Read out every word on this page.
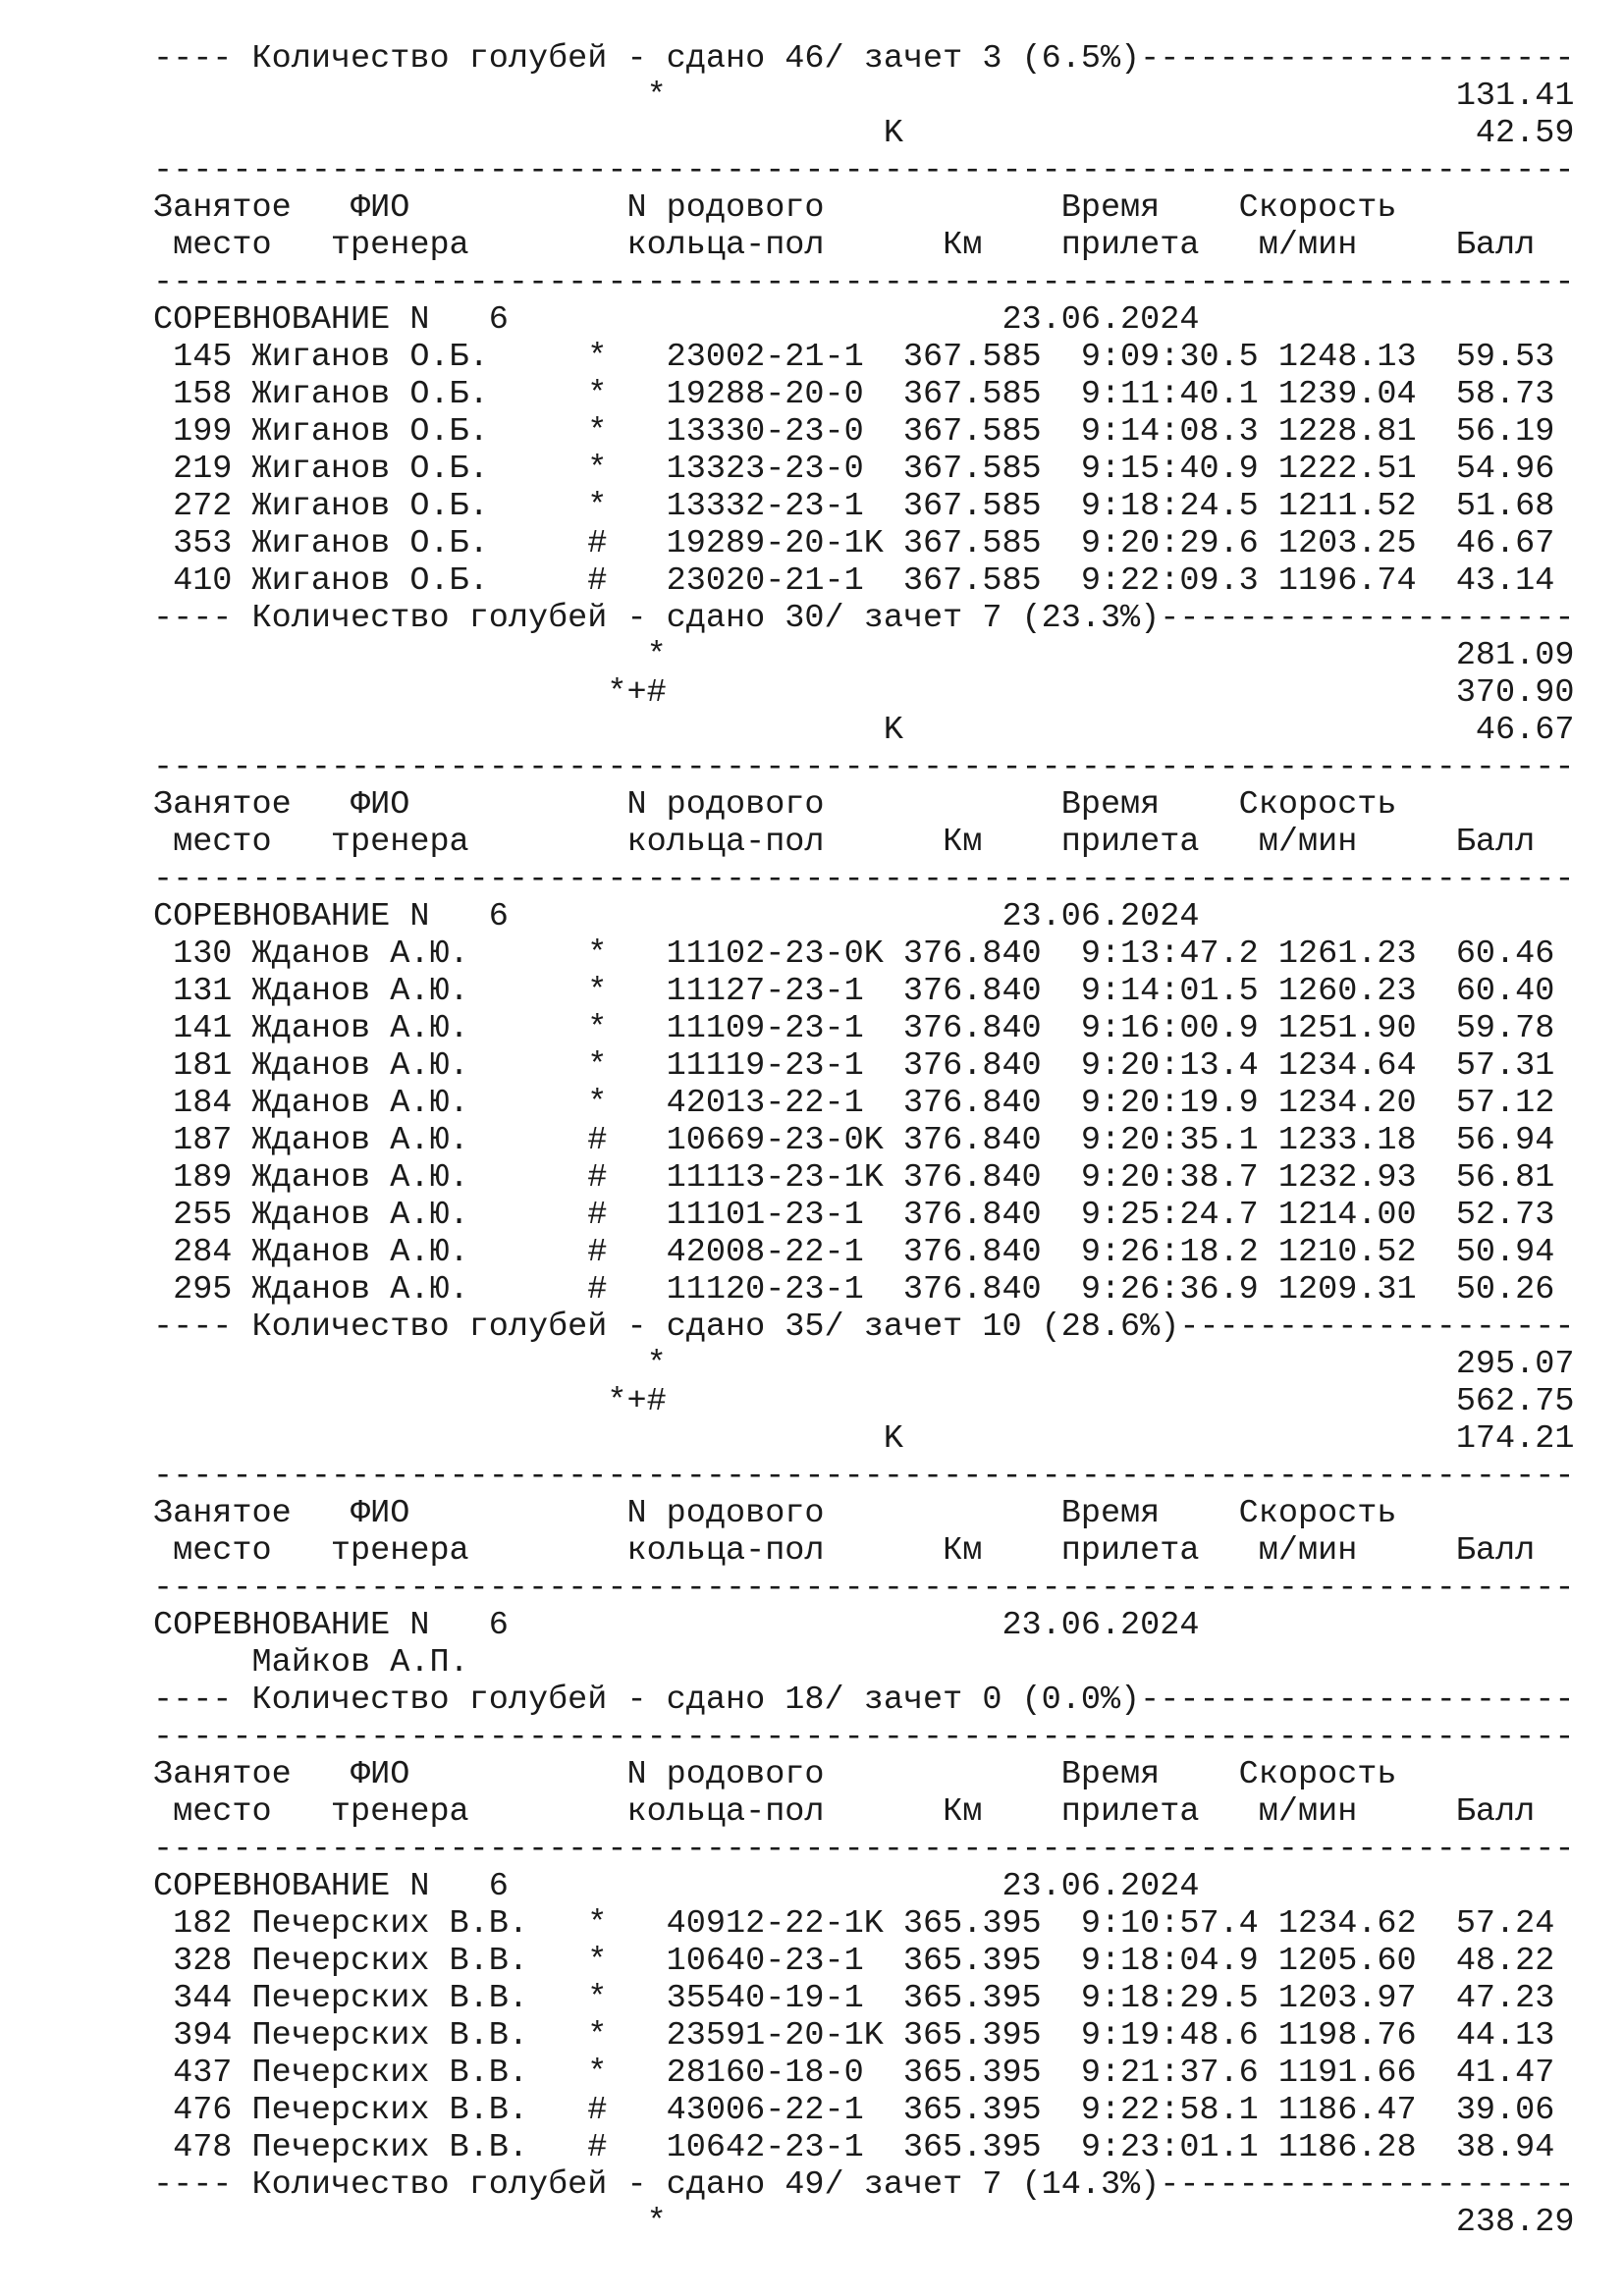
---- Количество голубей - сдано 46/ зачет 3 (6.5%)----------------------
*                                        131.41
K                             42.59
------------------------------------------------------------------------
Занятое   ФИО           N родового            Время    Скорость
место   тренера        кольца-пол      Км    прилета   м/мин     Балл
------------------------------------------------------------------------
СОРЕВНОВАНИЕ N   6                         23.06.2024
145 Жиганов О.Б.     *   23002-21-1  367.585  9:09:30.5 1248.13  59.53
158 Жиганов О.Б.     *   19288-20-0  367.585  9:11:40.1 1239.04  58.73
199 Жиганов О.Б.     *   13330-23-0  367.585  9:14:08.3 1228.81  56.19
219 Жиганов О.Б.     *   13323-23-0  367.585  9:15:40.9 1222.51  54.96
272 Жиганов О.Б.     *   13332-23-1  367.585  9:18:24.5 1211.52  51.68
353 Жиганов О.Б.     #   19289-20-1K 367.585  9:20:29.6 1203.25  46.67
410 Жиганов О.Б.     #   23020-21-1  367.585  9:22:09.3 1196.74  43.14
---- Количество голубей - сдано 30/ зачет 7 (23.3%)---------------------
*                                        281.09
*+#                                        370.90
K                             46.67
------------------------------------------------------------------------
Занятое   ФИО           N родового            Время    Скорость
место   тренера        кольца-пол      Км    прилета   м/мин     Балл
------------------------------------------------------------------------
СОРЕВНОВАНИЕ N   6                         23.06.2024
130 Жданов А.Ю.      *   11102-23-0K 376.840  9:13:47.2 1261.23  60.46
131 Жданов А.Ю.      *   11127-23-1  376.840  9:14:01.5 1260.23  60.40
141 Жданов А.Ю.      *   11109-23-1  376.840  9:16:00.9 1251.90  59.78
181 Жданов А.Ю.      *   11119-23-1  376.840  9:20:13.4 1234.64  57.31
184 Жданов А.Ю.      *   42013-22-1  376.840  9:20:19.9 1234.20  57.12
187 Жданов А.Ю.      #   10669-23-0K 376.840  9:20:35.1 1233.18  56.94
189 Жданов А.Ю.      #   11113-23-1K 376.840  9:20:38.7 1232.93  56.81
255 Жданов А.Ю.      #   11101-23-1  376.840  9:25:24.7 1214.00  52.73
284 Жданов А.Ю.      #   42008-22-1  376.840  9:26:18.2 1210.52  50.94
295 Жданов А.Ю.      #   11120-23-1  376.840  9:26:36.9 1209.31  50.26
---- Количество голубей - сдано 35/ зачет 10 (28.6%)--------------------
*                                        295.07
*+#                                        562.75
K                            174.21
------------------------------------------------------------------------
Занятое   ФИО           N родового            Время    Скорость
место   тренера        кольца-пол      Км    прилета   м/мин     Балл
------------------------------------------------------------------------
СОРЕВНОВАНИЕ N   6                         23.06.2024
Майков А.П.
---- Количество голубей - сдано 18/ зачет 0 (0.0%)----------------------
------------------------------------------------------------------------
Занятое   ФИО           N родового            Время    Скорость
место   тренера        кольца-пол      Км    прилета   м/мин     Балл
------------------------------------------------------------------------
СОРЕВНОВАНИЕ N   6                         23.06.2024
182 Печерских В.В.   *   40912-22-1K 365.395  9:10:57.4 1234.62  57.24
328 Печерских В.В.   *   10640-23-1  365.395  9:18:04.9 1205.60  48.22
344 Печерских В.В.   *   35540-19-1  365.395  9:18:29.5 1203.97  47.23
394 Печерских В.В.   *   23591-20-1K 365.395  9:19:48.6 1198.76  44.13
437 Печерских В.В.   *   28160-18-0  365.395  9:21:37.6 1191.66  41.47
476 Печерских В.В.   #   43006-22-1  365.395  9:22:58.1 1186.47  39.06
478 Печерских В.В.   #   10642-23-1  365.395  9:23:01.1 1186.28  38.94
---- Количество голубей - сдано 49/ зачет 7 (14.3%)---------------------
*                                        238.29
